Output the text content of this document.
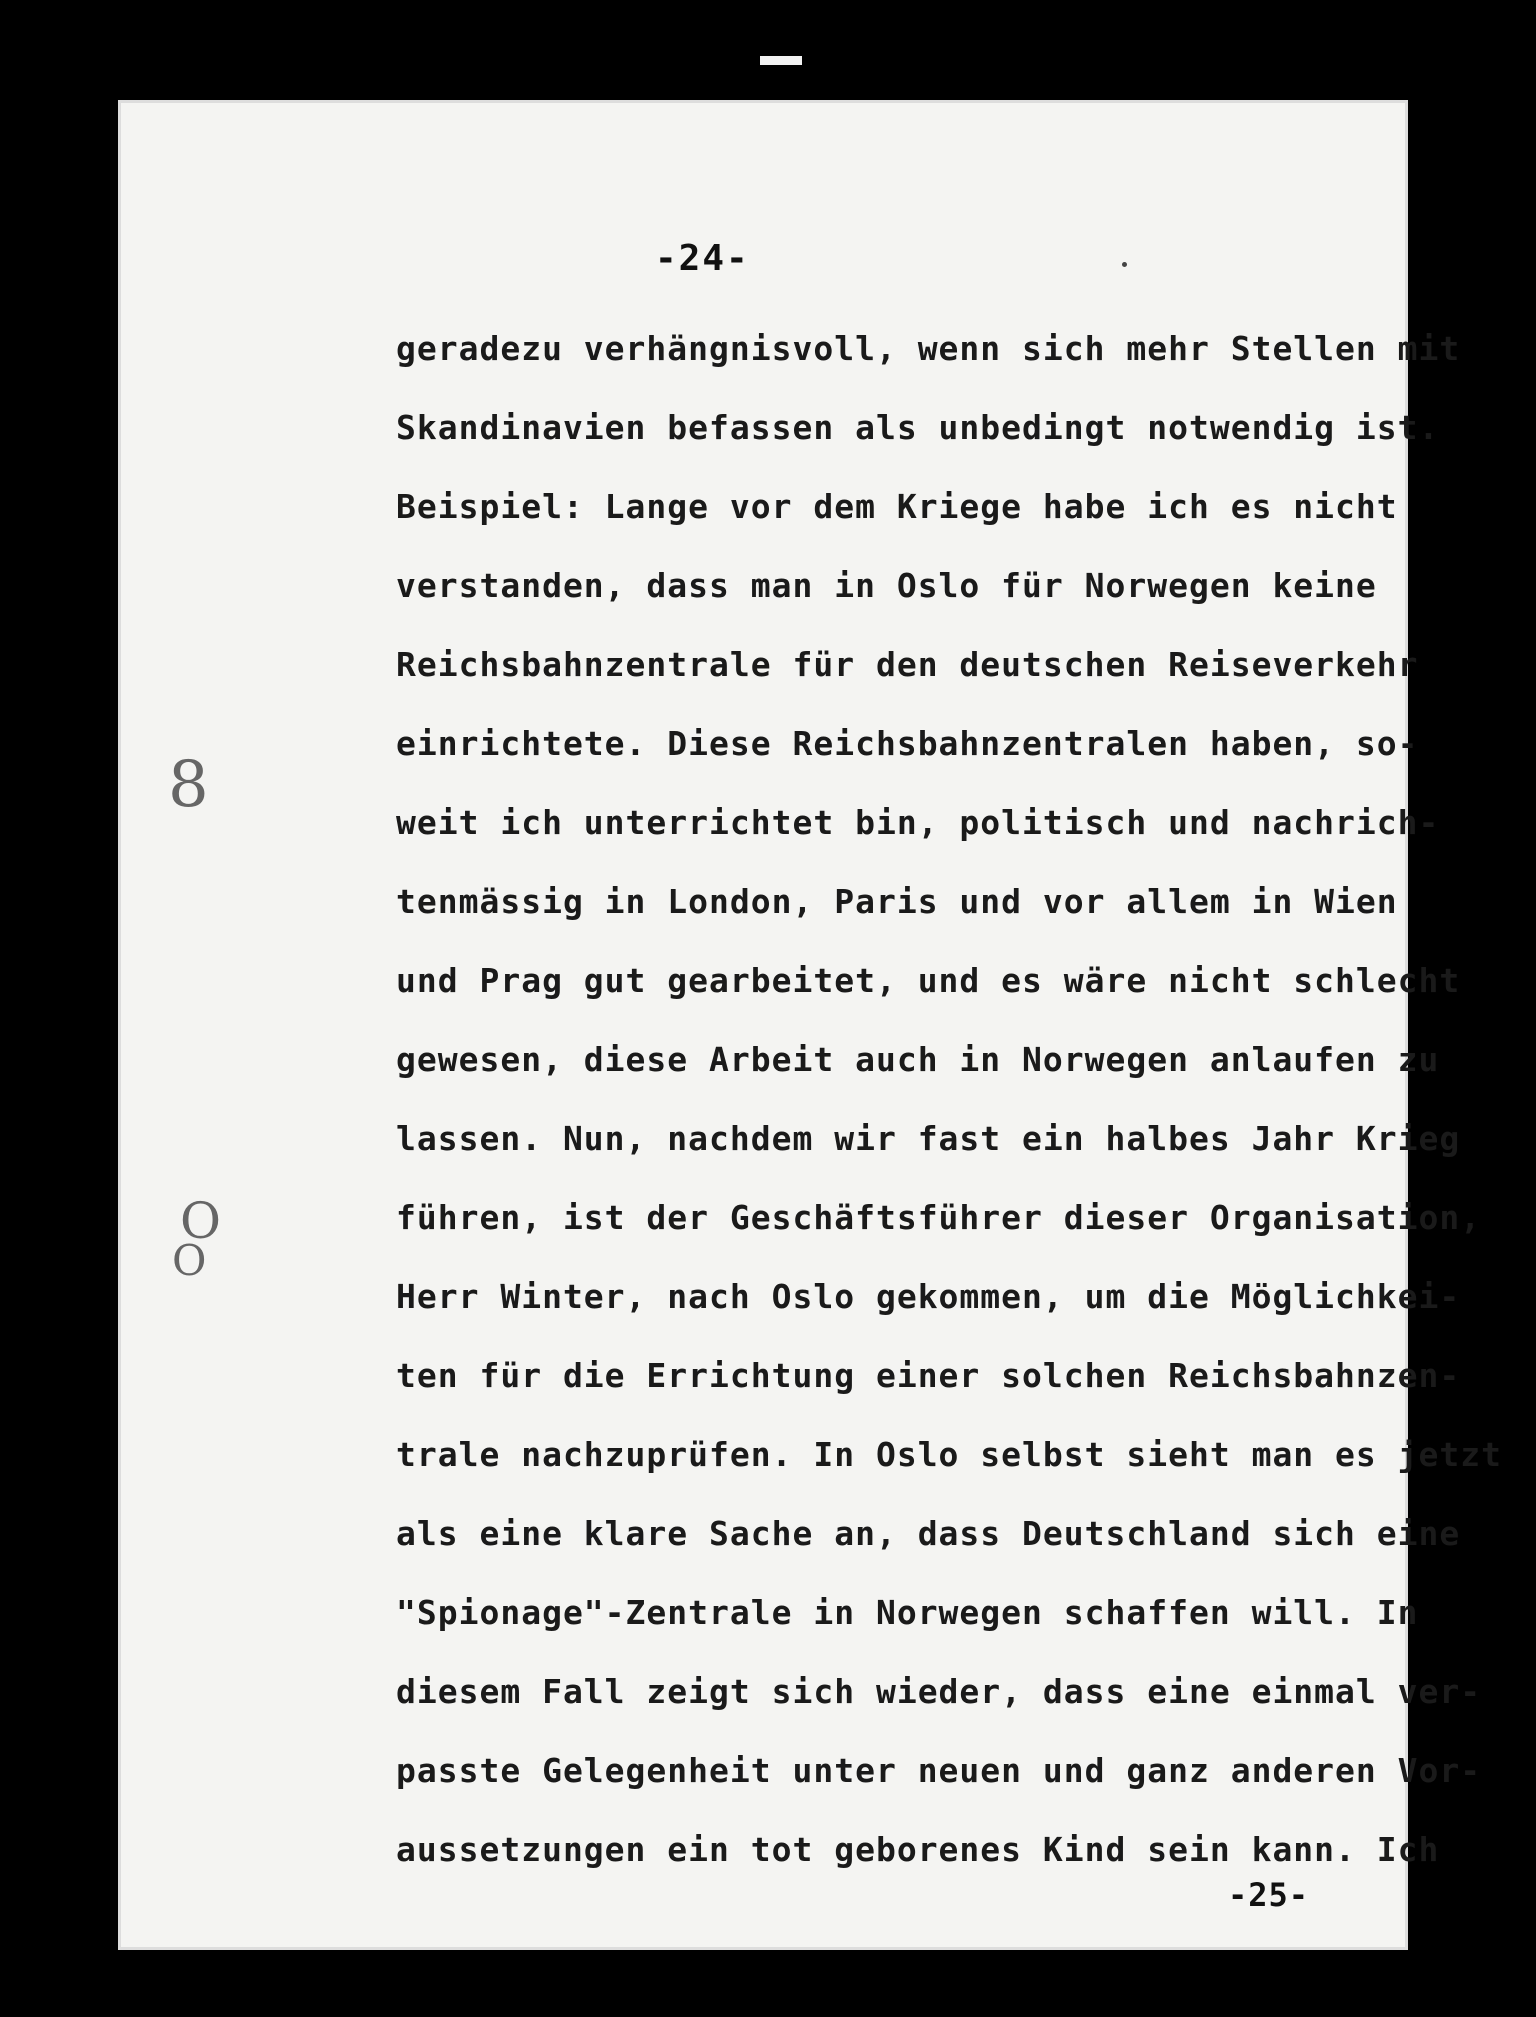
-24-
8
O
O
geradezu verhängnisvoll, wenn sich mehr Stellen mit
Skandinavien befassen als unbedingt notwendig ist.
Beispiel: Lange vor dem Kriege habe ich es nicht
verstanden, dass man in Oslo für Norwegen keine
Reichsbahnzentrale für den deutschen Reiseverkehr
einrichtete. Diese Reichsbahnzentralen haben, so-
weit ich unterrichtet bin, politisch und nachrich-
tenmässig in London, Paris und vor allem in Wien
und Prag gut gearbeitet, und es wäre nicht schlecht
gewesen, diese Arbeit auch in Norwegen anlaufen zu
lassen. Nun, nachdem wir fast ein halbes Jahr Krieg
führen, ist der Geschäftsführer dieser Organisation,
Herr Winter, nach Oslo gekommen, um die Möglichkei-
ten für die Errichtung einer solchen Reichsbahnzen-
trale nachzuprüfen. In Oslo selbst sieht man es jetzt
als eine klare Sache an, dass Deutschland sich eine
"Spionage"-Zentrale in Norwegen schaffen will. In
diesem Fall zeigt sich wieder, dass eine einmal ver-
passte Gelegenheit unter neuen und ganz anderen Vor-
aussetzungen ein tot geborenes Kind sein kann. Ich
-25-
